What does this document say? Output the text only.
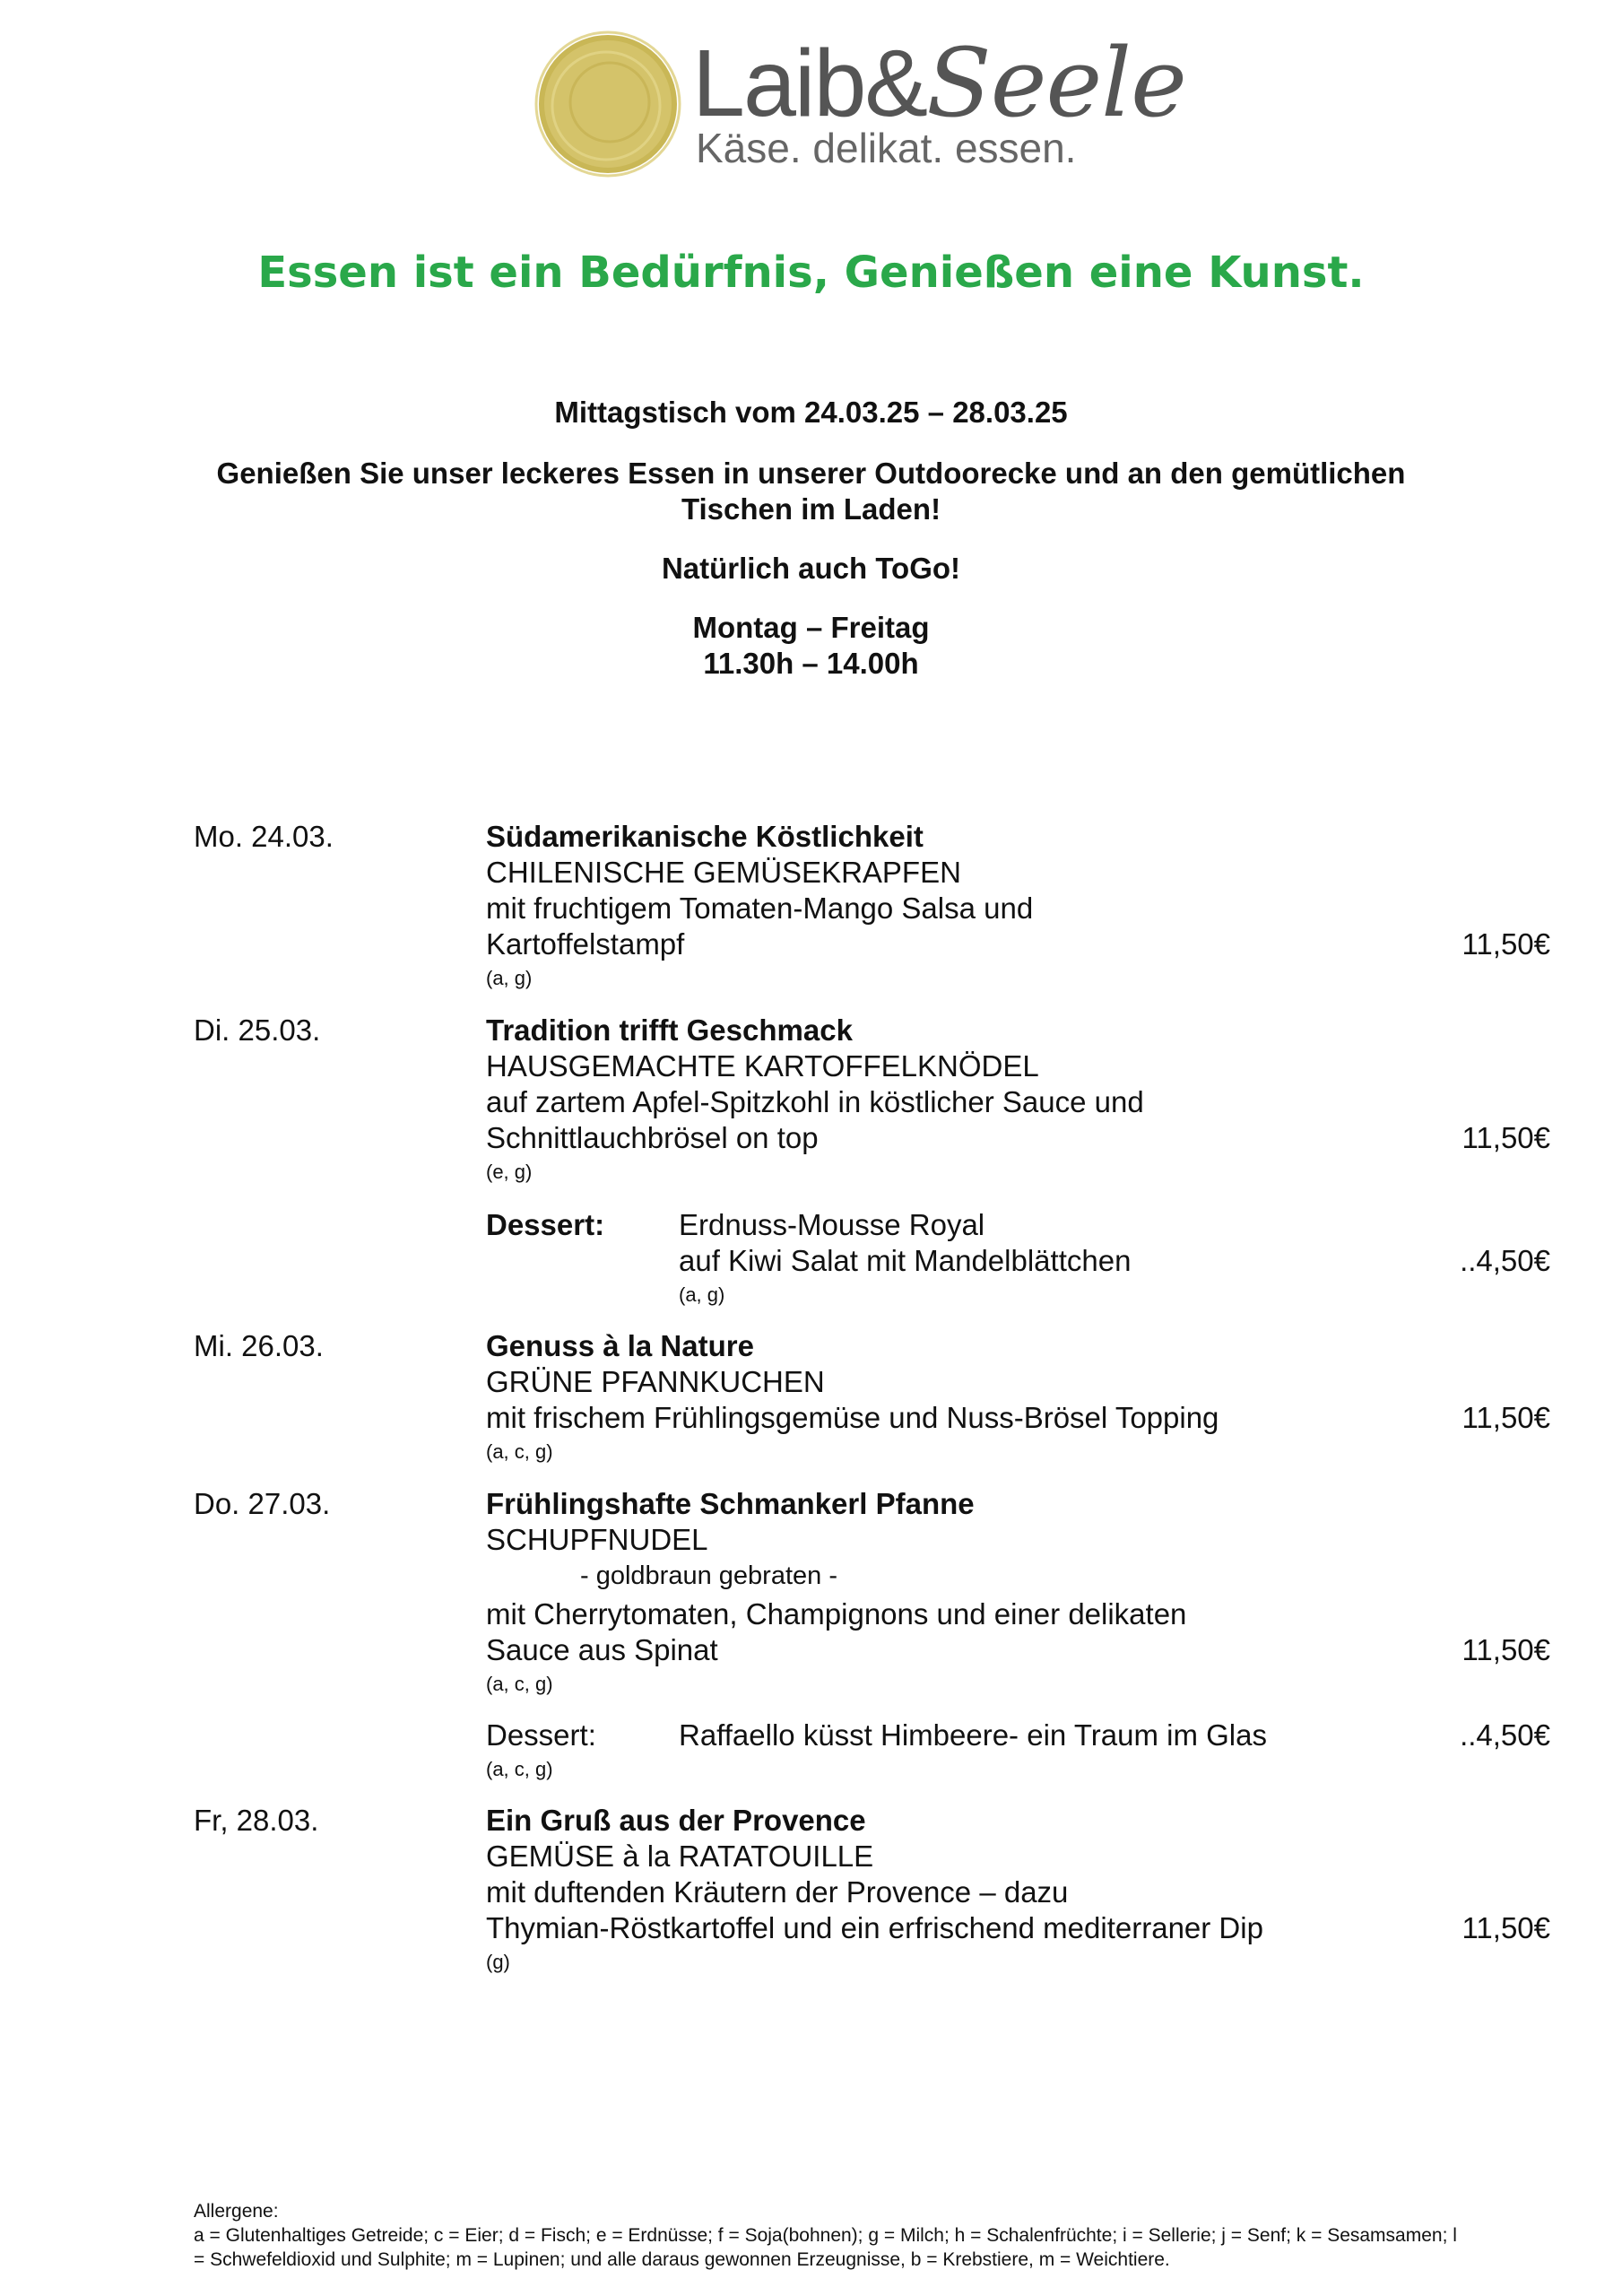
Laib&Seele
Käse. delikat. essen.
Essen ist ein Bedürfnis, Genießen eine Kunst.
Mittagstisch vom 24.03.25 – 28.03.25
Genießen Sie unser leckeres Essen in unserer Outdoorecke und an den gemütlichen
Tischen im Laden!
Natürlich auch ToGo!
Montag – Freitag
11.30h – 14.00h
Mo. 24.03.	Südamerikanische Köstlichkeit
CHILENISCHE GEMÜSEKRAPFEN
mit fruchtigem Tomaten-Mango Salsa und
Kartoffelstampf	11,50€
(a, g)
Di. 25.03.	Tradition trifft Geschmack
HAUSGEMACHTE KARTOFFELKNÖDEL
auf zartem Apfel-Spitzkohl in köstlicher Sauce und
Schnittlauchbrösel on top	11,50€
(e, g)
Dessert:	Erdnuss-Mousse Royal
auf Kiwi Salat mit Mandelblättchen	..4,50€
(a, g)
Mi. 26.03.	Genuss à la Nature
GRÜNE PFANNKUCHEN
mit frischem Frühlingsgemüse und Nuss-Brösel Topping	11,50€
(a, c, g)
Do. 27.03.	Frühlingshafte Schmankerl Pfanne
SCHUPFNUDEL
- goldbraun gebraten -
mit Cherrytomaten, Champignons und einer delikaten
Sauce aus Spinat	11,50€
(a, c, g)
Dessert:	Raffaello küsst Himbeere- ein Traum im Glas	..4,50€
(a, c, g)
Fr, 28.03.	Ein Gruß aus der Provence
GEMÜSE à la RATATOUILLE
mit duftenden Kräutern der Provence – dazu
Thymian-Röstkartoffel und ein erfrischend mediterraner Dip	11,50€
(g)
Allergene:
a = Glutenhaltiges Getreide; c = Eier; d = Fisch; e = Erdnüsse; f = Soja(bohnen); g = Milch; h = Schalenfrüchte; i = Sellerie; j = Senf; k = Sesamsamen; l
= Schwefeldioxid und Sulphite; m = Lupinen; und alle daraus gewonnen Erzeugnisse, b = Krebstiere, m = Weichtiere.
